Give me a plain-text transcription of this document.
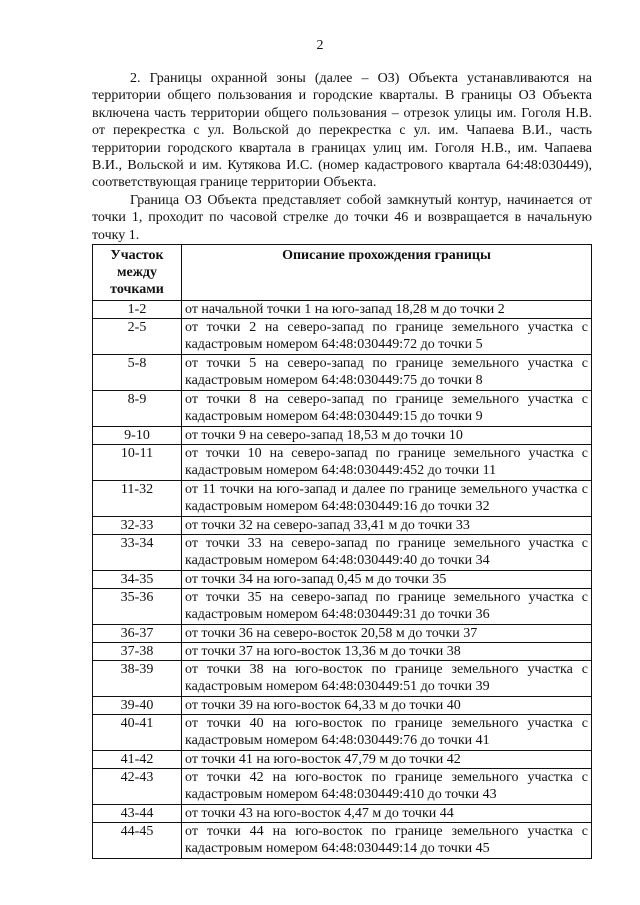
2

2. Границы охранной зоны (далее – ОЗ) Объекта устанавливаются на территории общего пользования и городские кварталы. В границы ОЗ Объекта включена часть территории общего пользования – отрезок улицы им. Гоголя Н.В. от перекрестка с ул. Вольской до перекрестка с ул. им. Чапаева В.И., часть территории городского квартала в границах улиц им. Гоголя Н.В., им. Чапаева В.И., Вольской и им. Кутякова И.С. (номер кадастрового квартала 64:48:030449), соответствующая границе территории Объекта.

Граница ОЗ Объекта представляет собой замкнутый контур, начинается от точки 1, проходит по часовой стрелке до точки 46 и возвращается в начальную точку 1.

Участок между точками	Описание прохождения границы
1-2	от начальной точки 1 на юго-запад 18,28 м до точки 2
2-5	от точки 2 на северо-запад по границе земельного участка с кадастровым номером 64:48:030449:72 до точки 5
5-8	от точки 5 на северо-запад по границе земельного участка с кадастровым номером 64:48:030449:75 до точки 8
8-9	от точки 8 на северо-запад по границе земельного участка с кадастровым номером 64:48:030449:15 до точки 9
9-10	от точки 9 на северо-запад 18,53 м до точки 10
10-11	от точки 10 на северо-запад по границе земельного участка с кадастровым номером 64:48:030449:452 до точки 11
11-32	от 11 точки на юго-запад и далее по границе земельного участка с кадастровым номером 64:48:030449:16 до точки 32
32-33	от точки 32 на северо-запад 33,41 м до точки 33
33-34	от точки 33 на северо-запад по границе земельного участка с кадастровым номером 64:48:030449:40 до точки 34
34-35	от точки 34 на юго-запад 0,45 м до точки 35
35-36	от точки 35 на северо-запад по границе земельного участка с кадастровым номером 64:48:030449:31 до точки 36
36-37	от точки 36 на северо-восток 20,58 м до точки 37
37-38	от точки 37 на юго-восток 13,36 м до точки 38
38-39	от точки 38 на юго-восток по границе земельного участка с кадастровым номером 64:48:030449:51 до точки 39
39-40	от точки 39 на юго-восток 64,33 м до точки 40
40-41	от точки 40 на юго-восток по границе земельного участка с кадастровым номером 64:48:030449:76 до точки 41
41-42	от точки 41 на юго-восток 47,79 м до точки 42
42-43	от точки 42 на юго-восток по границе земельного участка с кадастровым номером 64:48:030449:410 до точки 43
43-44	от точки 43 на юго-восток 4,47 м до точки 44
44-45	от точки 44 на юго-восток по границе земельного участка с кадастровым номером 64:48:030449:14 до точки 45
